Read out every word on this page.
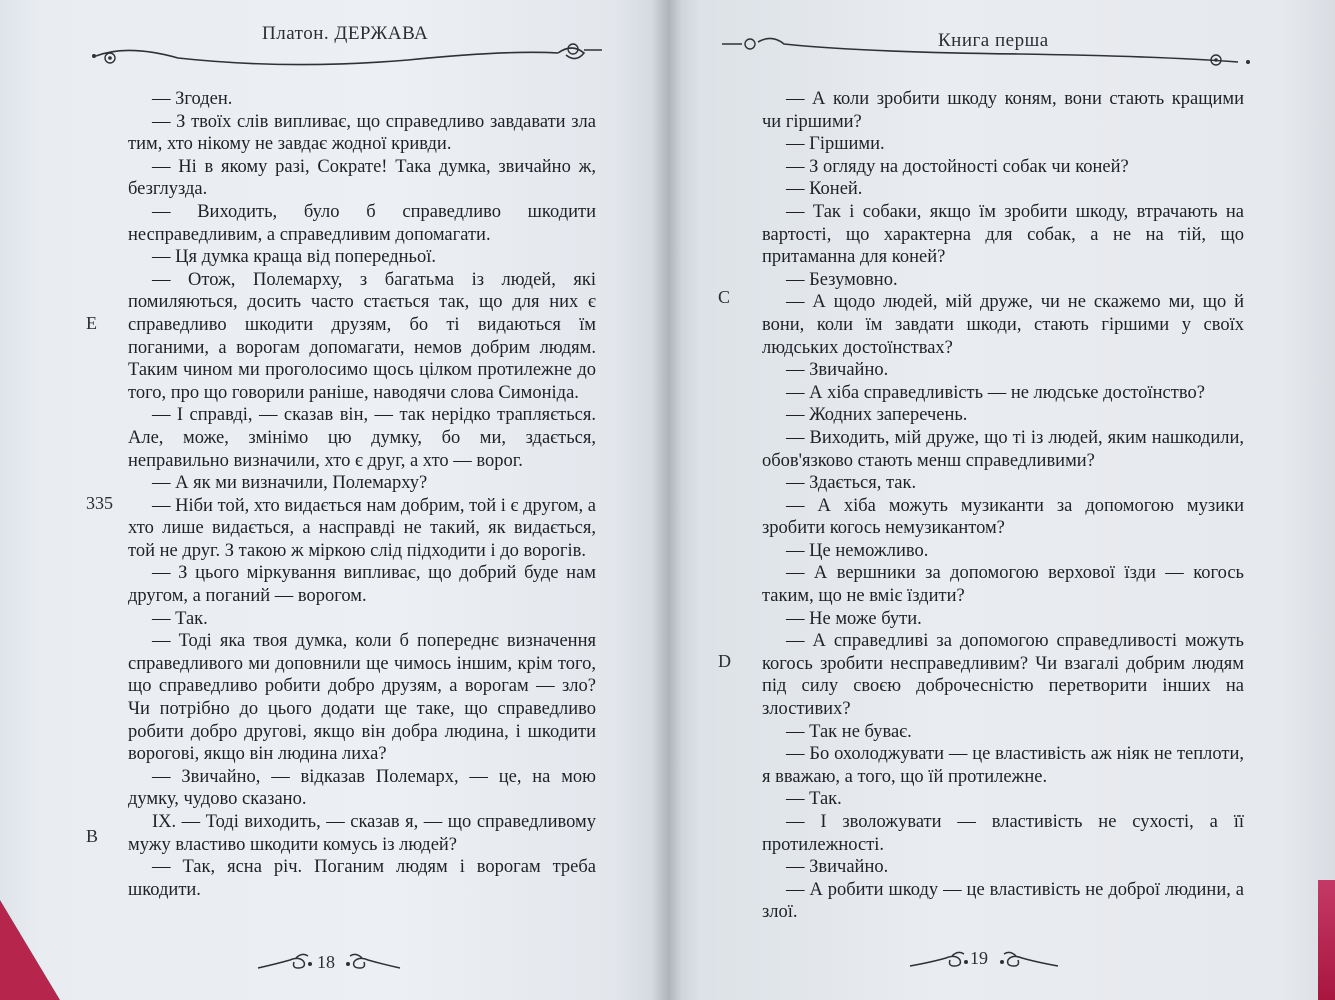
Платон. ДЕРЖАВА
E
335
B

— Згоден.

— З твоїх слів випливає, що справедливо завдавати зла тим, хто нікому не завдає жодної кривди.

— Ні в якому разі, Сократе! Така думка, звичайно ж, безглузда.

— Виходить, було б справедливо шкодити несправедливим, а справедливим допомагати.

— Ця думка краща від попередньої.

— Отож, Полемарху, з багатьма із людей, які помиляються, досить часто стається так, що для них є справедливо шкодити друзям, бо ті видаються їм поганими, а ворогам допомагати, немов добрим людям. Таким чином ми проголосимо щось цілком протилежне до того, про що говорили раніше, наводячи слова Симоніда.

— І справді, — сказав він, — так нерідко трапляється. Але, може, змінімо цю думку, бо ми, здається, неправильно визначили, хто є друг, а хто — ворог.

— А як ми визначили, Полемарху?

— Ніби той, хто видається нам добрим, той і є другом, а хто лише видається, а насправді не такий, як видається, той не друг. З такою ж міркою слід підходити і до ворогів.

— З цього міркування випливає, що добрий буде нам другом, а поганий — ворогом.

— Так.

— Тоді яка твоя думка, коли б попереднє визначення справедливого ми доповнили ще чимось іншим, крім того, що справедливо робити добро друзям, а ворогам — зло? Чи потрібно до цього додати ще таке, що справедливо робити добро другові, якщо він добра людина, і шкодити ворогові, якщо він людина лиха?

— Звичайно, — відказав Полемарх, — це, на мою думку, чудово сказано.

IX. — Тоді виходить, — сказав я, — що справедливому мужу властиво шкодити комусь із людей?

— Так, ясна річ. Поганим людям і ворогам треба шкодити.

18
Книга перша
C
D

— А коли зробити шкоду коням, вони стають кращими чи гіршими?

— Гіршими.

— З огляду на достойності собак чи коней?

— Коней.

— Так і собаки, якщо їм зробити шкоду, втрачають на вартості, що характерна для собак, а не на тій, що притаманна для коней?

— Безумовно.

— А щодо людей, мій друже, чи не скажемо ми, що й вони, коли їм завдати шкоди, стають гіршими у своїх людських достоїнствах?

— Звичайно.

— А хіба справедливість — не людське достоїнство?

— Жодних заперечень.

— Виходить, мій друже, що ті із людей, яким нашкодили, обов'язково стають менш справедливими?

— Здається, так.

— А хіба можуть музиканти за допомогою музики зробити когось немузикантом?

— Це неможливо.

— А вершники за допомогою верхової їзди — когось таким, що не вміє їздити?

— Не може бути.

— А справедливі за допомогою справедливості можуть когось зробити несправедливим? Чи взагалі добрим людям під силу своєю доброчесністю перетворити інших на злостивих?

— Так не буває.

— Бо охолоджувати — це властивість аж ніяк не теплоти, я вважаю, а того, що їй протилежне.

— Так.

— І зволожувати — властивість не сухості, а її протилежності.

— Звичайно.

— А робити шкоду — це властивість не доброї людини, а злої.

19
